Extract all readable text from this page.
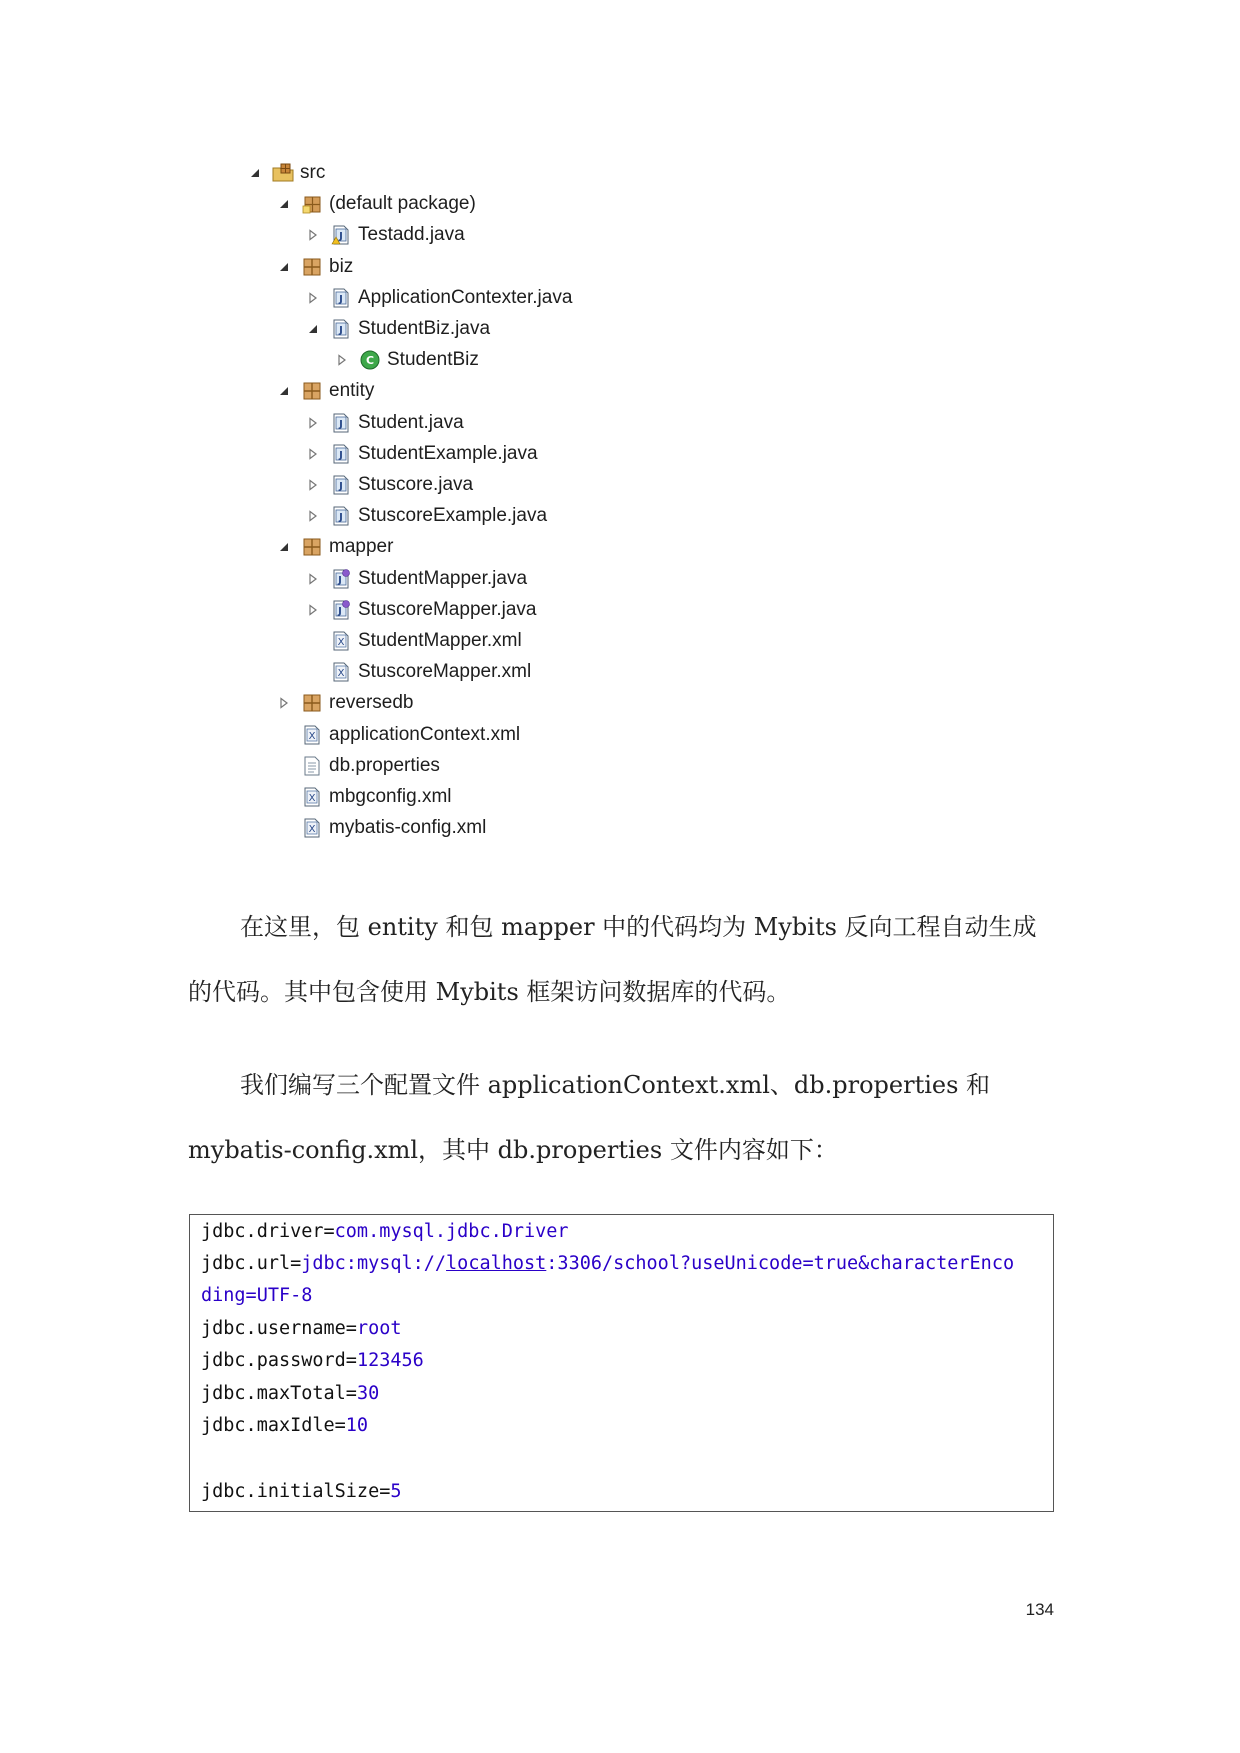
src
(default package)
J Testadd.java
biz
J ApplicationContexter.java
J StudentBiz.java
C StudentBiz
entity
J Student.java
J StudentExample.java
J Stuscore.java
J StuscoreExample.java
mapper
J StudentMapper.java
J StuscoreMapper.java
X StudentMapper.xml
X StuscoreMapper.xml
reversedb
X applicationContext.xml
db.properties
X mbgconfig.xml
X mybatis-config.xml

在这里，包 entity 和包 mapper 中的代码均为 Mybits 反向工程自动生成
的代码。其中包含使用 Mybits 框架访问数据库的代码。

我们编写三个配置文件 applicationContext.xml、db.properties 和
mybatis-config.xml，其中 db.properties 文件内容如下：

jdbc.driver=com.mysql.jdbc.Driver
jdbc.url=jdbc:mysql://localhost:3306/school?useUnicode=true&characterEnco
ding=UTF-8
jdbc.username=root
jdbc.password=123456
jdbc.maxTotal=30
jdbc.maxIdle=10
jdbc.initialSize=5
134
